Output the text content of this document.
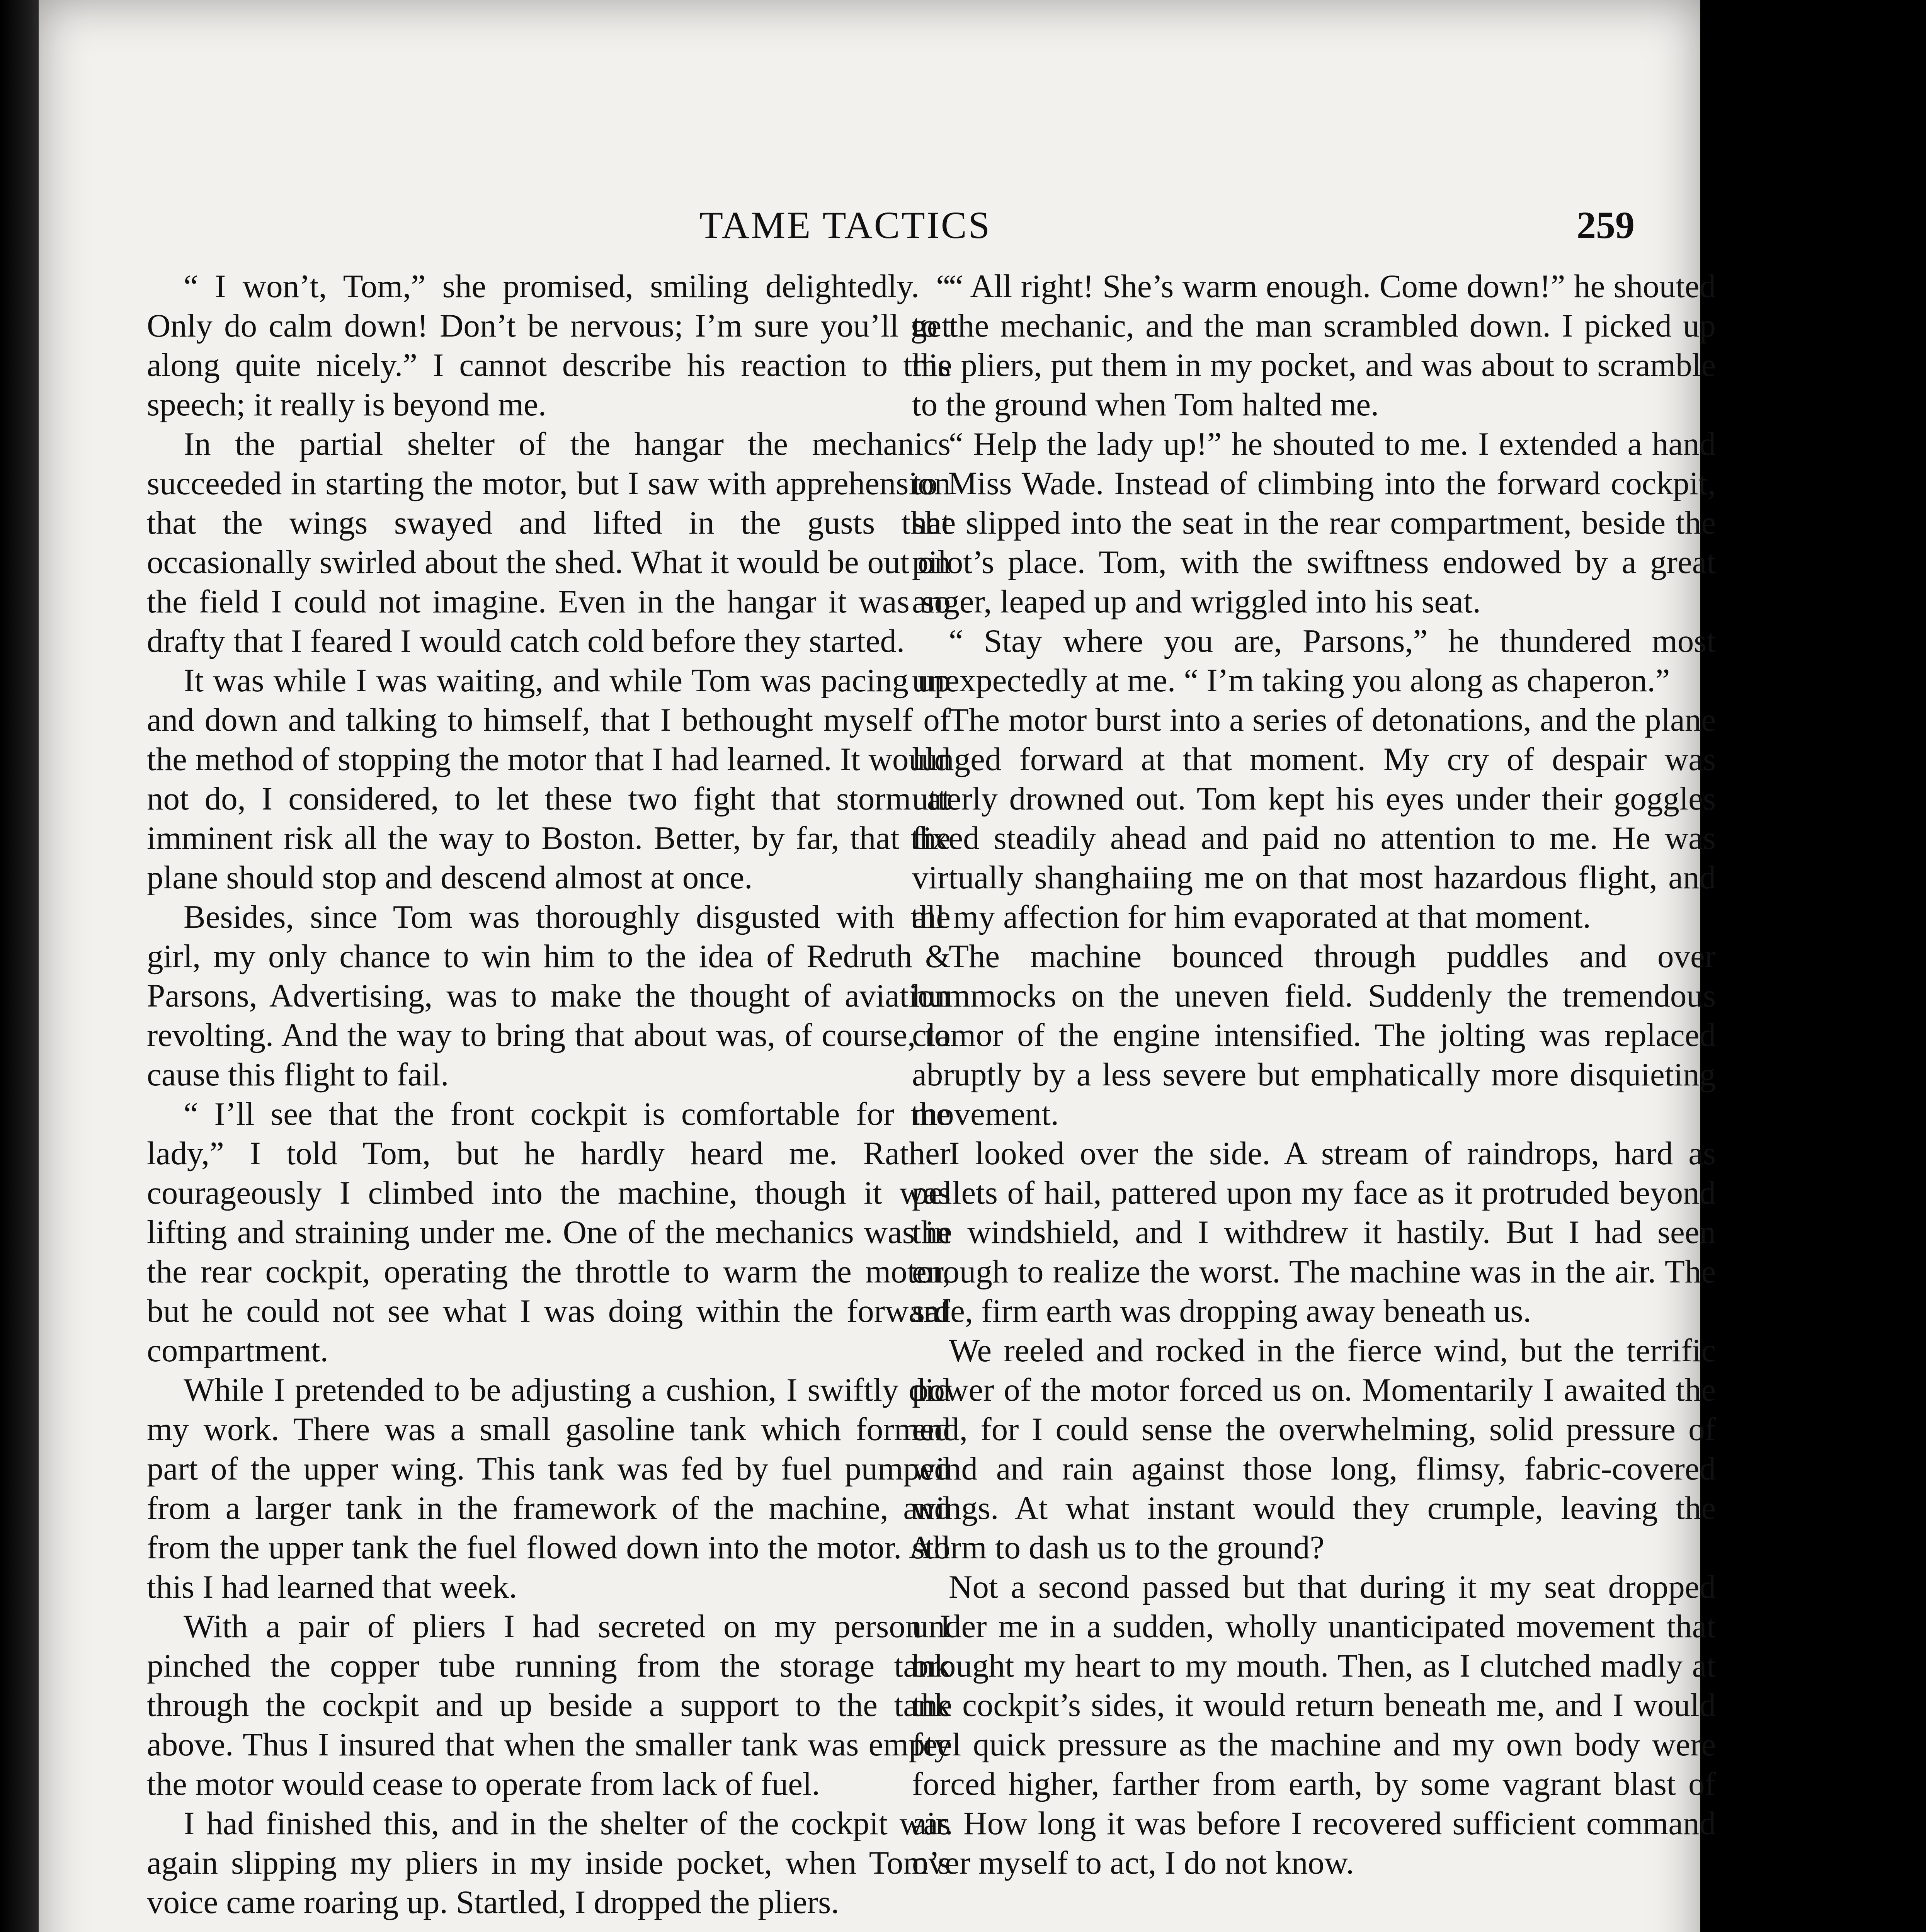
TAME TACTICS	259

“ I won’t, Tom,” she promised, smiling delightedly. “ Only do calm down! Don’t be nervous; I’m sure you’ll get along quite nicely.” I cannot describe his reaction to this speech; it really is beyond me.

In the partial shelter of the hangar the mechanics succeeded in starting the motor, but I saw with apprehension that the wings swayed and lifted in the gusts that occasionally swirled about the shed. What it would be out on the field I could not imagine. Even in the hangar it was so drafty that I feared I would catch cold before they started.

It was while I was waiting, and while Tom was pacing up and down and talking to himself, that I bethought myself of the method of stopping the motor that I had learned. It would not do, I considered, to let these two fight that storm at imminent risk all the way to Boston. Better, by far, that the plane should stop and descend almost at once.

Besides, since Tom was thoroughly disgusted with the girl, my only chance to win him to the idea of Redruth & Parsons, Advertising, was to make the thought of aviation revolting. And the way to bring that about was, of course, to cause this flight to fail.

“ I’ll see that the front cockpit is comfortable for the lady,” I told Tom, but he hardly heard me. Rather courageously I climbed into the machine, though it was lifting and straining under me. One of the mechanics was in the rear cockpit, operating the throttle to warm the motor, but he could not see what I was doing within the forward compartment.

While I pretended to be adjusting a cushion, I swiftly did my work. There was a small gasoline tank which formed part of the upper wing. This tank was fed by fuel pumped from a larger tank in the framework of the machine, and from the upper tank the fuel flowed down into the motor. All this I had learned that week.

With a pair of pliers I had secreted on my person I pinched the copper tube running from the storage tank through the cockpit and up beside a support to the tank above. Thus I insured that when the smaller tank was empty the motor would cease to operate from lack of fuel.

I had finished this, and in the shelter of the cockpit was again slipping my pliers in my inside pocket, when Tom’s voice came roaring up. Startled, I dropped the pliers.

“ All right! She’s warm enough. Come down!” he shouted to the mechanic, and the man scrambled down. I picked up the pliers, put them in my pocket, and was about to scramble to the ground when Tom halted me.

“ Help the lady up!” he shouted to me. I extended a hand to Miss Wade. Instead of climbing into the forward cockpit, she slipped into the seat in the rear compartment, beside the pilot’s place. Tom, with the swiftness endowed by a great anger, leaped up and wriggled into his seat.

“ Stay where you are, Parsons,” he thundered most unexpectedly at me. “ I’m taking you along as chaperon.”

The motor burst into a series of detonations, and the plane lunged forward at that moment. My cry of despair was utterly drowned out. Tom kept his eyes under their goggles fixed steadily ahead and paid no attention to me. He was virtually shanghaiing me on that most hazardous flight, and all my affection for him evaporated at that moment.

The machine bounced through puddles and over hummocks on the uneven field. Suddenly the tremendous clamor of the engine intensified. The jolting was replaced abruptly by a less severe but emphatically more disquieting movement.

I looked over the side. A stream of raindrops, hard as pellets of hail, pattered upon my face as it protruded beyond the windshield, and I withdrew it hastily. But I had seen enough to realize the worst. The machine was in the air. The safe, firm earth was dropping away beneath us.

We reeled and rocked in the fierce wind, but the terrific power of the motor forced us on. Momentarily I awaited the end, for I could sense the overwhelming, solid pressure of wind and rain against those long, flimsy, fabric-covered wings. At what instant would they crumple, leaving the storm to dash us to the ground?

Not a second passed but that during it my seat dropped under me in a sudden, wholly unanticipated movement that brought my heart to my mouth. Then, as I clutched madly at the cockpit’s sides, it would return beneath me, and I would feel quick pressure as the machine and my own body were forced higher, farther from earth, by some vagrant blast of air. How long it was before I recovered sufficient command over myself to act, I do not know.
